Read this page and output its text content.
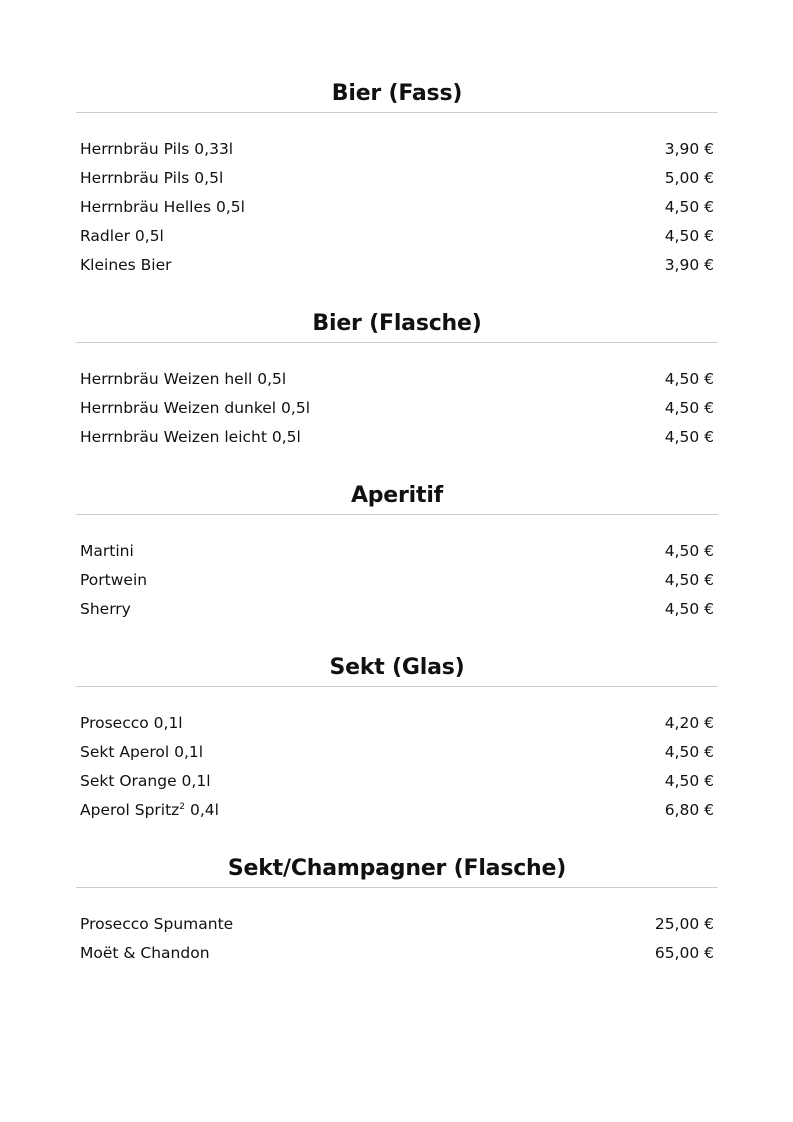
Bier (Fass)
Herrnbräu Pils 0,33l	3,90 €
Herrnbräu Pils 0,5l	5,00 €
Herrnbräu Helles 0,5l	4,50 €
Radler 0,5l	4,50 €
Kleines Bier	3,90 €
Bier (Flasche)
Herrnbräu Weizen hell 0,5l	4,50 €
Herrnbräu Weizen dunkel 0,5l	4,50 €
Herrnbräu Weizen leicht 0,5l	4,50 €
Aperitif
Martini	4,50 €
Portwein	4,50 €
Sherry	4,50 €
Sekt (Glas)
Prosecco 0,1l	4,20 €
Sekt Aperol 0,1l	4,50 €
Sekt Orange 0,1l	4,50 €
Aperol Spritz$^2$ 0,4l	6,80 €
Sekt/Champagner (Flasche)
Prosecco Spumante	25,00 €
Moët & Chandon	65,00 €
